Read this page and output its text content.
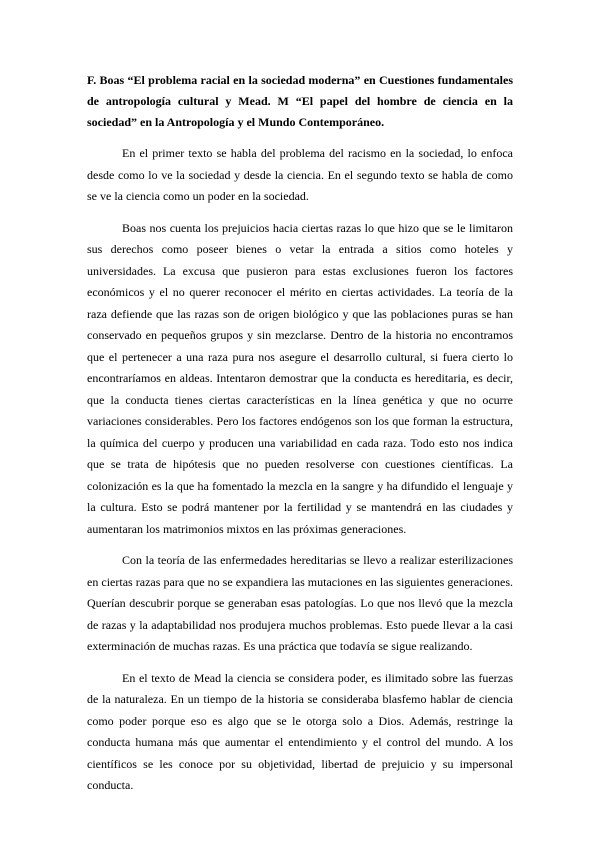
F. Boas “El problema racial en la sociedad moderna” en Cuestiones fundamentales de antropología cultural y Mead. M “El papel del hombre de ciencia en la sociedad” en la Antropología y el Mundo Contemporáneo.

En el primer texto se habla del problema del racismo en la sociedad, lo enfoca desde como lo ve la sociedad y desde la ciencia. En el segundo texto se habla de como se ve la ciencia como un poder en la sociedad.

Boas nos cuenta los prejuicios hacia ciertas razas lo que hizo que se le limitaron sus derechos como poseer bienes o vetar la entrada a sitios como hoteles y universidades. La excusa que pusieron para estas exclusiones fueron los factores económicos y el no querer reconocer el mérito en ciertas actividades. La teoría de la raza defiende que las razas son de origen biológico y que las poblaciones puras se han conservado en pequeños grupos y sin mezclarse. Dentro de la historia no encontramos que el pertenecer a una raza pura nos asegure el desarrollo cultural, si fuera cierto lo encontraríamos en aldeas. Intentaron demostrar que la conducta es hereditaria, es decir, que la conducta tienes ciertas características en la línea genética y que no ocurre variaciones considerables. Pero los factores endógenos son los que forman la estructura, la química del cuerpo y producen una variabilidad en cada raza. Todo esto nos indica que se trata de hipótesis que no pueden resolverse con cuestiones científicas. La colonización es la que ha fomentado la mezcla en la sangre y ha difundido el lenguaje y la cultura. Esto se podrá mantener por la fertilidad y se mantendrá en las ciudades y aumentaran los matrimonios mixtos en las próximas generaciones.

Con la teoría de las enfermedades hereditarias se llevo a realizar esterilizaciones en ciertas razas para que no se expandiera las mutaciones en las siguientes generaciones. Querían descubrir porque se generaban esas patologías. Lo que nos llevó que la mezcla de razas y la adaptabilidad nos produjera muchos problemas. Esto puede llevar a la casi exterminación de muchas razas. Es una práctica que todavía se sigue realizando.

En el texto de Mead la ciencia se considera poder, es ilimitado sobre las fuerzas de la naturaleza. En un tiempo de la historia se consideraba blasfemo hablar de ciencia como poder porque eso es algo que se le otorga solo a Dios. Además, restringe la conducta humana más que aumentar el entendimiento y el control del mundo. A los científicos se les conoce por su objetividad, libertad de prejuicio y su impersonal conducta.
